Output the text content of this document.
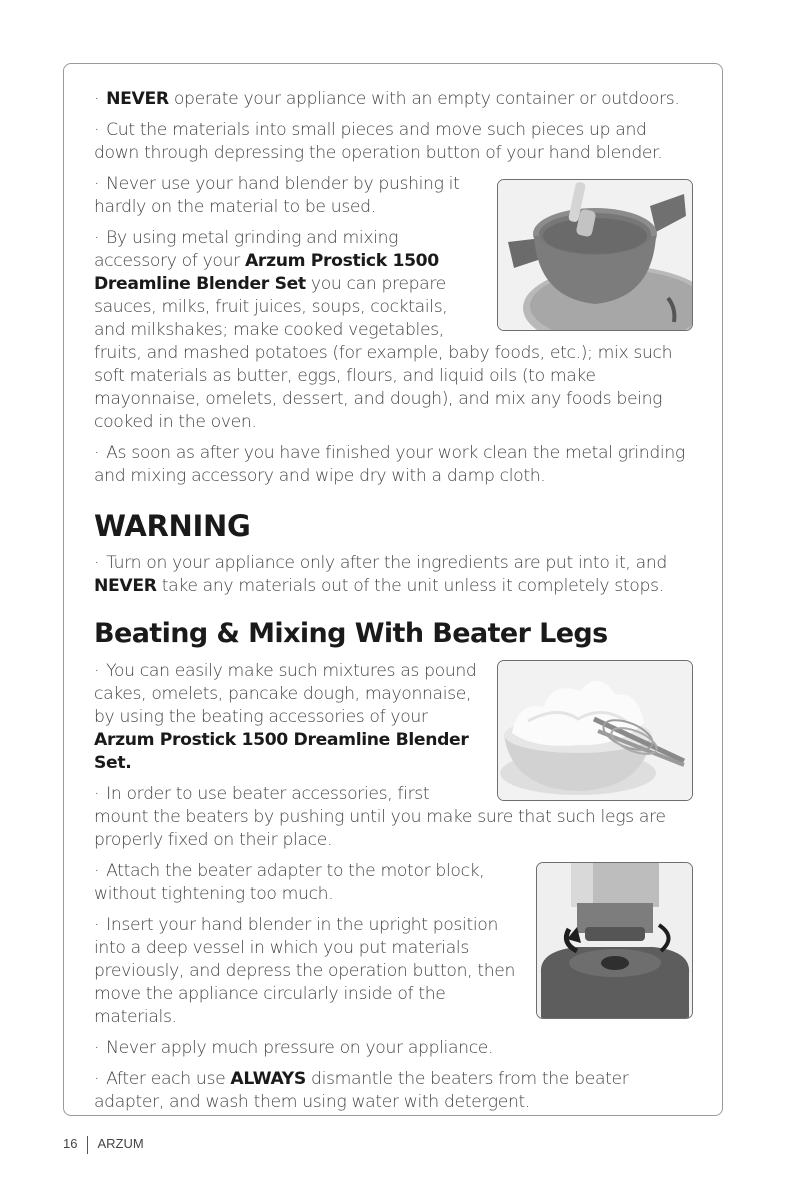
· NEVER operate your appliance with an empty container or outdoors.

· Cut the materials into small pieces and move such pieces up and down through depressing the operation button of your hand blender.

· Never use your hand blender by pushing it hardly on the material to be used.

· By using metal grinding and mixing accessory of your Arzum Prostick 1500 Dreamline Blender Set you can prepare sauces, milks, fruit juices, soups, cocktails, and milkshakes; make cooked vegetables, fruits, and mashed potatoes (for example, baby foods, etc.); mix such soft materials as butter, eggs, flours, and liquid oils (to make mayonnaise, omelets, dessert, and dough), and mix any foods being cooked in the oven.

· As soon as after you have finished your work clean the metal grinding and mixing accessory and wipe dry with a damp cloth.

WARNING

· Turn on your appliance only after the ingredients are put into it, and NEVER take any materials out of the unit unless it completely stops.

Beating & Mixing With Beater Legs

· You can easily make such mixtures as pound cakes, omelets, pancake dough, mayonnaise, by using the beating accessories of your Arzum Prostick 1500 Dreamline Blender Set.

· In order to use beater accessories, first mount the beaters by pushing until you make sure that such legs are properly fixed on their place.

· Attach the beater adapter to the motor block, without tightening too much.

· Insert your hand blender in the upright position into a deep vessel in which you put materials previously, and depress the operation button, then move the appliance circularly inside of the materials.

· Never apply much pressure on your appliance.

· After each use ALWAYS dismantle the beaters from the beater adapter, and wash them using water with detergent.

16 ARZUM
